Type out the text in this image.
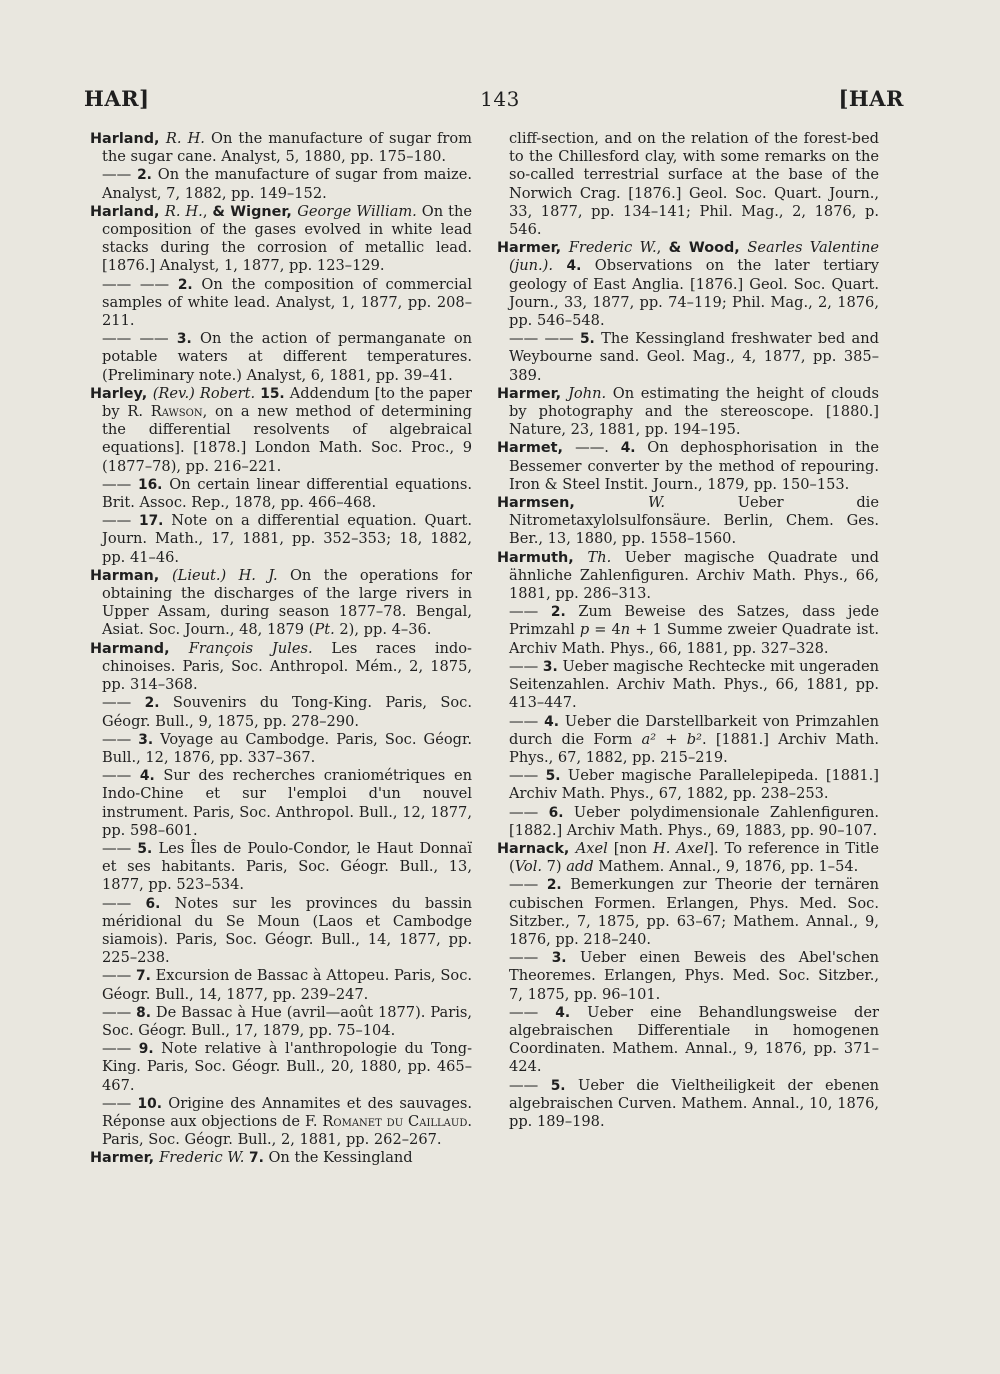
HAR]	143	[HAR

Harland, R. H. On the manufacture of sugar from the sugar cane. Analyst, 5, 1880, pp. 175–180.

—— 2. On the manufacture of sugar from maize. Analyst, 7, 1882, pp. 149–152.

Harland, R. H., & Wigner, George William. On the composition of the gases evolved in white lead stacks during the corrosion of metallic lead. [1876.] Analyst, 1, 1877, pp. 123–129.

—— —— 2. On the composition of commercial samples of white lead. Analyst, 1, 1877, pp. 208–211.

—— —— 3. On the action of permanganate on potable waters at different temperatures. (Preliminary note.) Analyst, 6, 1881, pp. 39–41.

Harley, (Rev.) Robert. 15. Addendum [to the paper by R. Rawson, on a new method of determining the differential resolvents of algebraical equations]. [1878.] London Math. Soc. Proc., 9 (1877–78), pp. 216–221.

—— 16. On certain linear differential equations. Brit. Assoc. Rep., 1878, pp. 466–468.

—— 17. Note on a differential equation. Quart. Journ. Math., 17, 1881, pp. 352–353; 18, 1882, pp. 41–46.

Harman, (Lieut.) H. J. On the operations for obtaining the discharges of the large rivers in Upper Assam, during season 1877–78. Bengal, Asiat. Soc. Journ., 48, 1879 (Pt. 2), pp. 4–36.

Harmand, François Jules. Les races indo-chinoises. Paris, Soc. Anthropol. Mém., 2, 1875, pp. 314–368.

—— 2. Souvenirs du Tong-King. Paris, Soc. Géogr. Bull., 9, 1875, pp. 278–290.

—— 3. Voyage au Cambodge. Paris, Soc. Géogr. Bull., 12, 1876, pp. 337–367.

—— 4. Sur des recherches craniométriques en Indo-Chine et sur l'emploi d'un nouvel instrument. Paris, Soc. Anthropol. Bull., 12, 1877, pp. 598–601.

—— 5. Les Îles de Poulo-Condor, le Haut Donnaï et ses habitants. Paris, Soc. Géogr. Bull., 13, 1877, pp. 523–534.

—— 6. Notes sur les provinces du bassin méridional du Se Moun (Laos et Cambodge siamois). Paris, Soc. Géogr. Bull., 14, 1877, pp. 225–238.

—— 7. Excursion de Bassac à Attopeu. Paris, Soc. Géogr. Bull., 14, 1877, pp. 239–247.

—— 8. De Bassac à Hue (avril—août 1877). Paris, Soc. Géogr. Bull., 17, 1879, pp. 75–104.

—— 9. Note relative à l'anthropologie du Tong-King. Paris, Soc. Géogr. Bull., 20, 1880, pp. 465–467.

—— 10. Origine des Annamites et des sauvages. Réponse aux objections de F. Romanet du Caillaud. Paris, Soc. Géogr. Bull., 2, 1881, pp. 262–267.

Harmer, Frederic W. 7. On the Kessingland

cliff-section, and on the relation of the forest-bed to the Chillesford clay, with some remarks on the so-called terrestrial surface at the base of the Norwich Crag. [1876.] Geol. Soc. Quart. Journ., 33, 1877, pp. 134–141; Phil. Mag., 2, 1876, p. 546.

Harmer, Frederic W., & Wood, Searles Valentine (jun.). 4. Observations on the later tertiary geology of East Anglia. [1876.] Geol. Soc. Quart. Journ., 33, 1877, pp. 74–119; Phil. Mag., 2, 1876, pp. 546–548.

—— —— 5. The Kessingland freshwater bed and Weybourne sand. Geol. Mag., 4, 1877, pp. 385–389.

Harmer, John. On estimating the height of clouds by photography and the stereoscope. [1880.] Nature, 23, 1881, pp. 194–195.

Harmet, ——. 4. On dephosphorisation in the Bessemer converter by the method of repouring. Iron & Steel Instit. Journ., 1879, pp. 150–153.

Harmsen, W. Ueber die Nitrometaxylolsulfonsäure. Berlin, Chem. Ges. Ber., 13, 1880, pp. 1558–1560.

Harmuth, Th. Ueber magische Quadrate und ähnliche Zahlenfiguren. Archiv Math. Phys., 66, 1881, pp. 286–313.

—— 2. Zum Beweise des Satzes, dass jede Primzahl p = 4n + 1 Summe zweier Quadrate ist. Archiv Math. Phys., 66, 1881, pp. 327–328.

—— 3. Ueber magische Rechtecke mit ungeraden Seitenzahlen. Archiv Math. Phys., 66, 1881, pp. 413–447.

—— 4. Ueber die Darstellbarkeit von Primzahlen durch die Form a² + b². [1881.] Archiv Math. Phys., 67, 1882, pp. 215–219.

—— 5. Ueber magische Parallelepipeda. [1881.] Archiv Math. Phys., 67, 1882, pp. 238–253.

—— 6. Ueber polydimensionale Zahlenfiguren. [1882.] Archiv Math. Phys., 69, 1883, pp. 90–107.

Harnack, Axel [non H. Axel]. To reference in Title (Vol. 7) add Mathem. Annal., 9, 1876, pp. 1–54.

—— 2. Bemerkungen zur Theorie der ternären cubischen Formen. Erlangen, Phys. Med. Soc. Sitzber., 7, 1875, pp. 63–67; Mathem. Annal., 9, 1876, pp. 218–240.

—— 3. Ueber einen Beweis des Abel'schen Theoremes. Erlangen, Phys. Med. Soc. Sitzber., 7, 1875, pp. 96–101.

—— 4. Ueber eine Behandlungsweise der algebraischen Differentiale in homogenen Coordinaten. Mathem. Annal., 9, 1876, pp. 371–424.

—— 5. Ueber die Vieltheiligkeit der ebenen algebraischen Curven. Mathem. Annal., 10, 1876, pp. 189–198.
